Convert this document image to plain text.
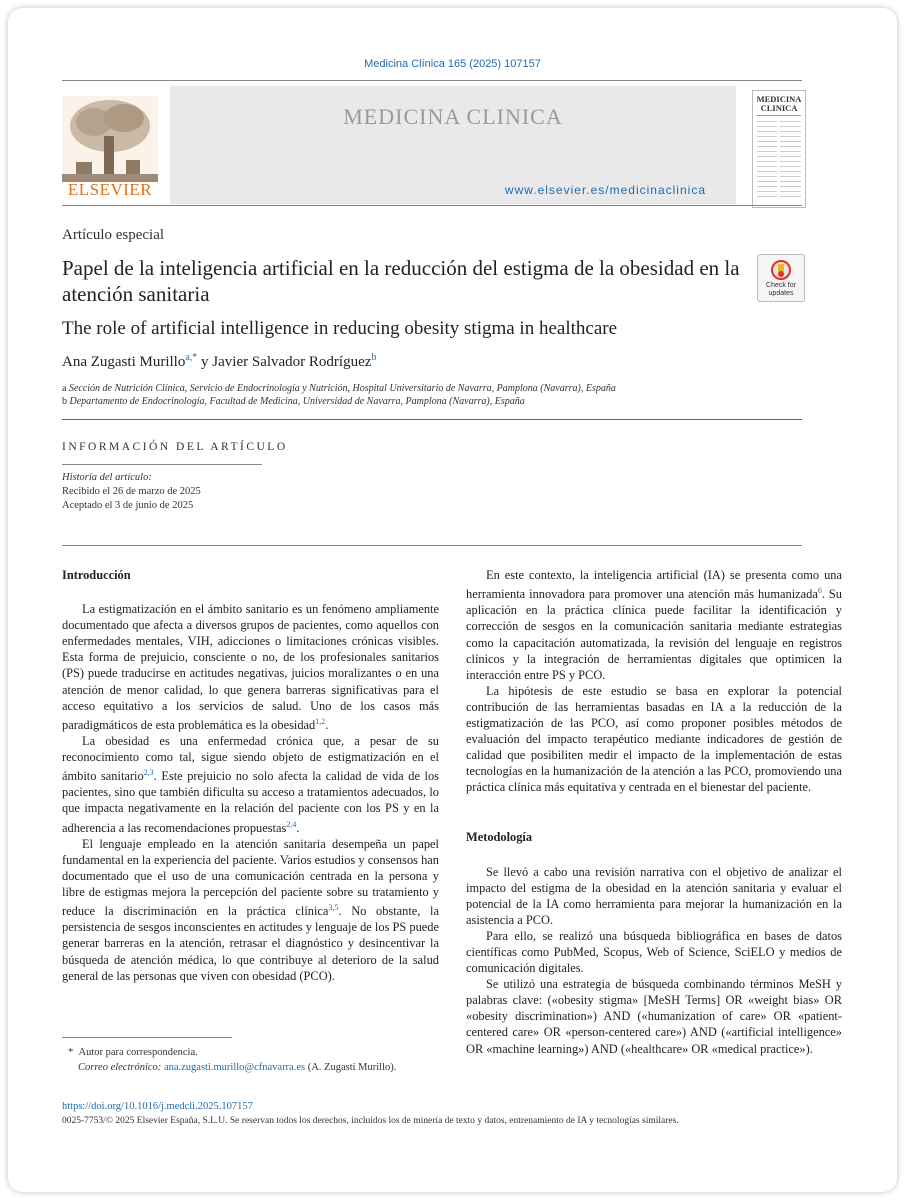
Medicina Clínica 165 (2025) 107157
ELSEVIER
MEDICINA CLINICA
www.elsevier.es/medicinaclinica
MEDICINA
CLINICA
Artículo especial
Papel de la inteligencia artificial en la reducción del estigma de la obesidad en la atención sanitaria	Check for updates
The role of artificial intelligence in reducing obesity stigma in healthcare
Ana Zugasti Murillo$^{a,*}$ y Javier Salvador Rodríguez$^b$
a Sección de Nutrición Clínica, Servicio de Endocrinología y Nutrición, Hospital Universitario de Navarra, Pamplona (Navarra), España
b Departamento de Endocrinología, Facultad de Medicina, Universidad de Navarra, Pamplona (Navarra), España
INFORMACIÓN DEL ARTÍCULO
Historia del artículo:
Recibido el 26 de marzo de 2025
Aceptado el 3 de junio de 2025
Introducción

La estigmatización en el ámbito sanitario es un fenómeno ampliamente documentado que afecta a diversos grupos de pacientes, como aquellos con enfermedades mentales, VIH, adicciones o limitaciones crónicas visibles. Esta forma de prejuicio, consciente o no, de los profesionales sanitarios (PS) puede traducirse en actitudes negativas, juicios moralizantes o en una atención de menor calidad, lo que genera barreras significativas para el acceso equitativo a los servicios de salud. Uno de los casos más paradigmáticos de esta problemática es la obesidad$^{1,2}$.

La obesidad es una enfermedad crónica que, a pesar de su reconocimiento como tal, sigue siendo objeto de estigmatización en el ámbito sanitario$^{2,3}$. Este prejuicio no solo afecta la calidad de vida de los pacientes, sino que también dificulta su acceso a tratamientos adecuados, lo que impacta negativamente en la relación del paciente con los PS y en la adherencia a las recomendaciones propuestas$^{2,4}$.

El lenguaje empleado en la atención sanitaria desempeña un papel fundamental en la experiencia del paciente. Varios estudios y consensos han documentado que el uso de una comunicación centrada en la persona y libre de estigmas mejora la percepción del paciente sobre su tratamiento y reduce la discriminación en la práctica clínica$^{3,5}$. No obstante, la persistencia de sesgos inconscientes en actitudes y lenguaje de los PS puede generar barreras en la atención, retrasar el diagnóstico y desincentivar la búsqueda de atención médica, lo que contribuye al deterioro de la salud general de las personas que viven con obesidad (PCO).

En este contexto, la inteligencia artificial (IA) se presenta como una herramienta innovadora para promover una atención más humanizada$^6$. Su aplicación en la práctica clínica puede facilitar la identificación y corrección de sesgos en la comunicación sanitaria mediante estrategias como la capacitación automatizada, la revisión del lenguaje en registros clínicos y la integración de herramientas digitales que optimicen la interacción entre PS y PCO.

La hipótesis de este estudio se basa en explorar la potencial contribución de las herramientas basadas en IA a la reducción de la estigmatización de las PCO, así como proponer posibles métodos de evaluación del impacto terapéutico mediante indicadores de gestión de calidad que posibiliten medir el impacto de la implementación de estas tecnologías en la humanización de la atención a las PCO, promoviendo una práctica clínica más equitativa y centrada en el bienestar del paciente.

Metodología

Se llevó a cabo una revisión narrativa con el objetivo de analizar el impacto del estigma de la obesidad en la atención sanitaria y evaluar el potencial de la IA como herramienta para mejorar la humanización en la asistencia a PCO.

Para ello, se realizó una búsqueda bibliográfica en bases de datos científicas como PubMed, Scopus, Web of Science, SciELO y medios de comunicación digitales.

Se utilizó una estrategia de búsqueda combinando términos MeSH y palabras clave: («obesity stigma» [MeSH Terms] OR «weight bias» OR «obesity discrimination») AND («humanization of care» OR «patient-centered care» OR «person-centered care») AND («artificial intelligence» OR «machine learning») AND («healthcare» OR «medical practice»).

* Autor para correspondencia.
Correo electrónico: ana.zugasti.murillo@cfnavarra.es (A. Zugasti Murillo).
https://doi.org/10.1016/j.medcli.2025.107157
0025-7753/© 2025 Elsevier España, S.L.U. Se reservan todos los derechos, incluidos los de minería de texto y datos, entrenamiento de IA y tecnologías similares.
